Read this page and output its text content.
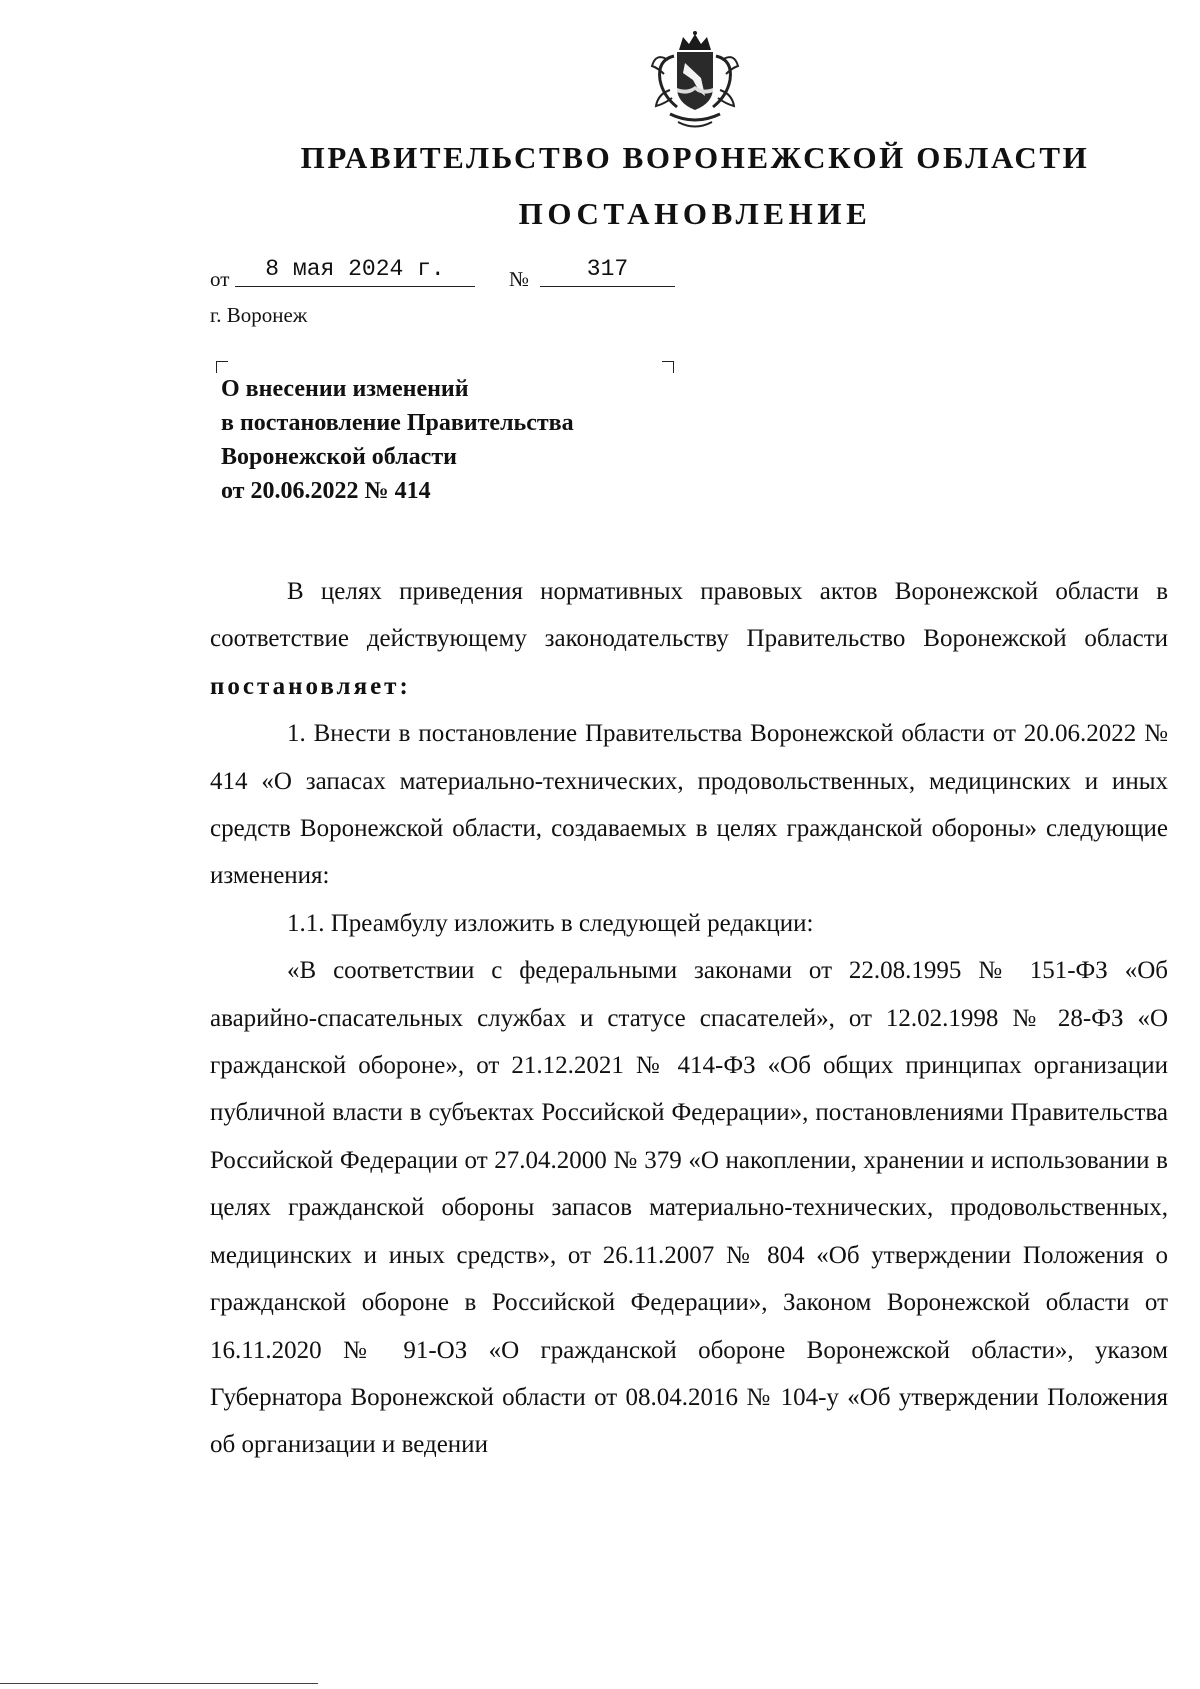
ПРАВИТЕЛЬСТВО ВОРОНЕЖСКОЙ ОБЛАСТИ
ПОСТАНОВЛЕНИЕ
от	8 мая 2024 г.	№	317
г. Воронеж
О внесении изменений
в постановление Правительства
Воронежской области
от 20.06.2022 № 414

В целях приведения нормативных правовых актов Воронежской области в соответствие действующему законодательству Правительство Воронежской области постановляет:

1. Внести в постановление Правительства Воронежской области от 20.06.2022 № 414 «О запасах материально-технических, продовольственных, медицинских и иных средств Воронежской области, создаваемых в целях гражданской обороны» следующие изменения:

1.1. Преамбулу изложить в следующей редакции:

«В соответствии с федеральными законами от 22.08.1995 № 151-ФЗ «Об аварийно-спасательных службах и статусе спасателей», от 12.02.1998 № 28-ФЗ «О гражданской обороне», от 21.12.2021 № 414-ФЗ «Об общих принципах организации публичной власти в субъектах Российской Федерации», постановлениями Правительства Российской Федерации от 27.04.2000 № 379 «О накоплении, хранении и использовании в целях гражданской обороны запасов материально-технических, продовольственных, медицинских и иных средств», от 26.11.2007 № 804 «Об утверждении Положения о гражданской обороне в Российской Федерации», Законом Воронежской области от 16.11.2020 № 91-ОЗ «О гражданской обороне Воронежской области», указом Губернатора Воронежской области от 08.04.2016 № 104-у «Об утверждении Положения об организации и ведении
